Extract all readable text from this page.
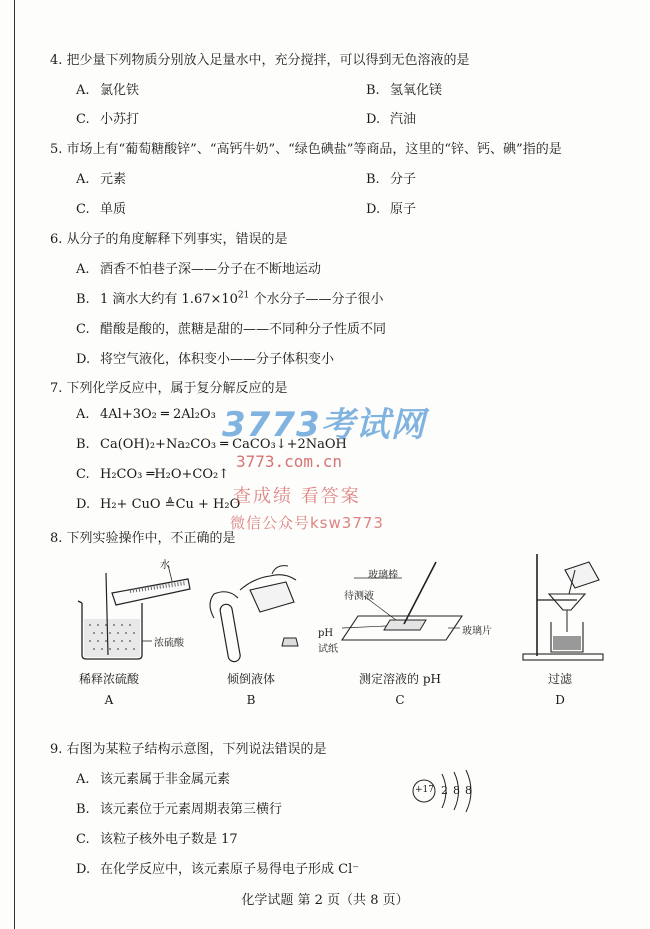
4. 把少量下列物质分别放入足量水中，充分搅拌，可以得到无色溶液的是
A. 氯化铁	B. 氢氧化镁
C. 小苏打	D. 汽油
5. 市场上有“葡萄糖酸锌”、“高钙牛奶”、“绿色碘盐”等商品，这里的“锌、钙、碘”指的是
A. 元素	B. 分子
C. 单质	D. 原子
6. 从分子的角度解释下列事实，错误的是
A. 酒香不怕巷子深——分子在不断地运动
B. 1 滴水大约有 $1.67\times 10^{21}$ 个水分子——分子很小
C. 醋酸是酸的，蔗糖是甜的——不同种分子性质不同
D. 将空气液化，体积变小——分子体积变小
7. 下列化学反应中，属于复分解反应的是
A. 4Al+3O₂ ═ 2Al₂O₃
B. Ca(OH)₂+Na₂CO₃ ═ CaCO₃↓+2NaOH
C. H₂CO₃ ═H₂O+CO₂↑
D. H₂+ CuO ≜Cu + H₂O
3773考试网
3773.com.cn
查成绩 看答案
微信公众号ksw3773
8. 下列实验操作中，不正确的是
水
浓硫酸
稀释浓硫酸
A
倾倒液体
B
玻璃棒
待测液
玻璃片
pH
试纸
测定溶液的 pH
C
过滤
D
9. 右图为某粒子结构示意图，下列说法错误的是
A. 该元素属于非金属元素
B. 该元素位于元素周期表第三横行
C. 该粒子核外电子数是 17
D. 在化学反应中，该元素原子易得电子形成 Cl⁻
+17 2 8 8
化学试题 第 2 页（共 8 页）
